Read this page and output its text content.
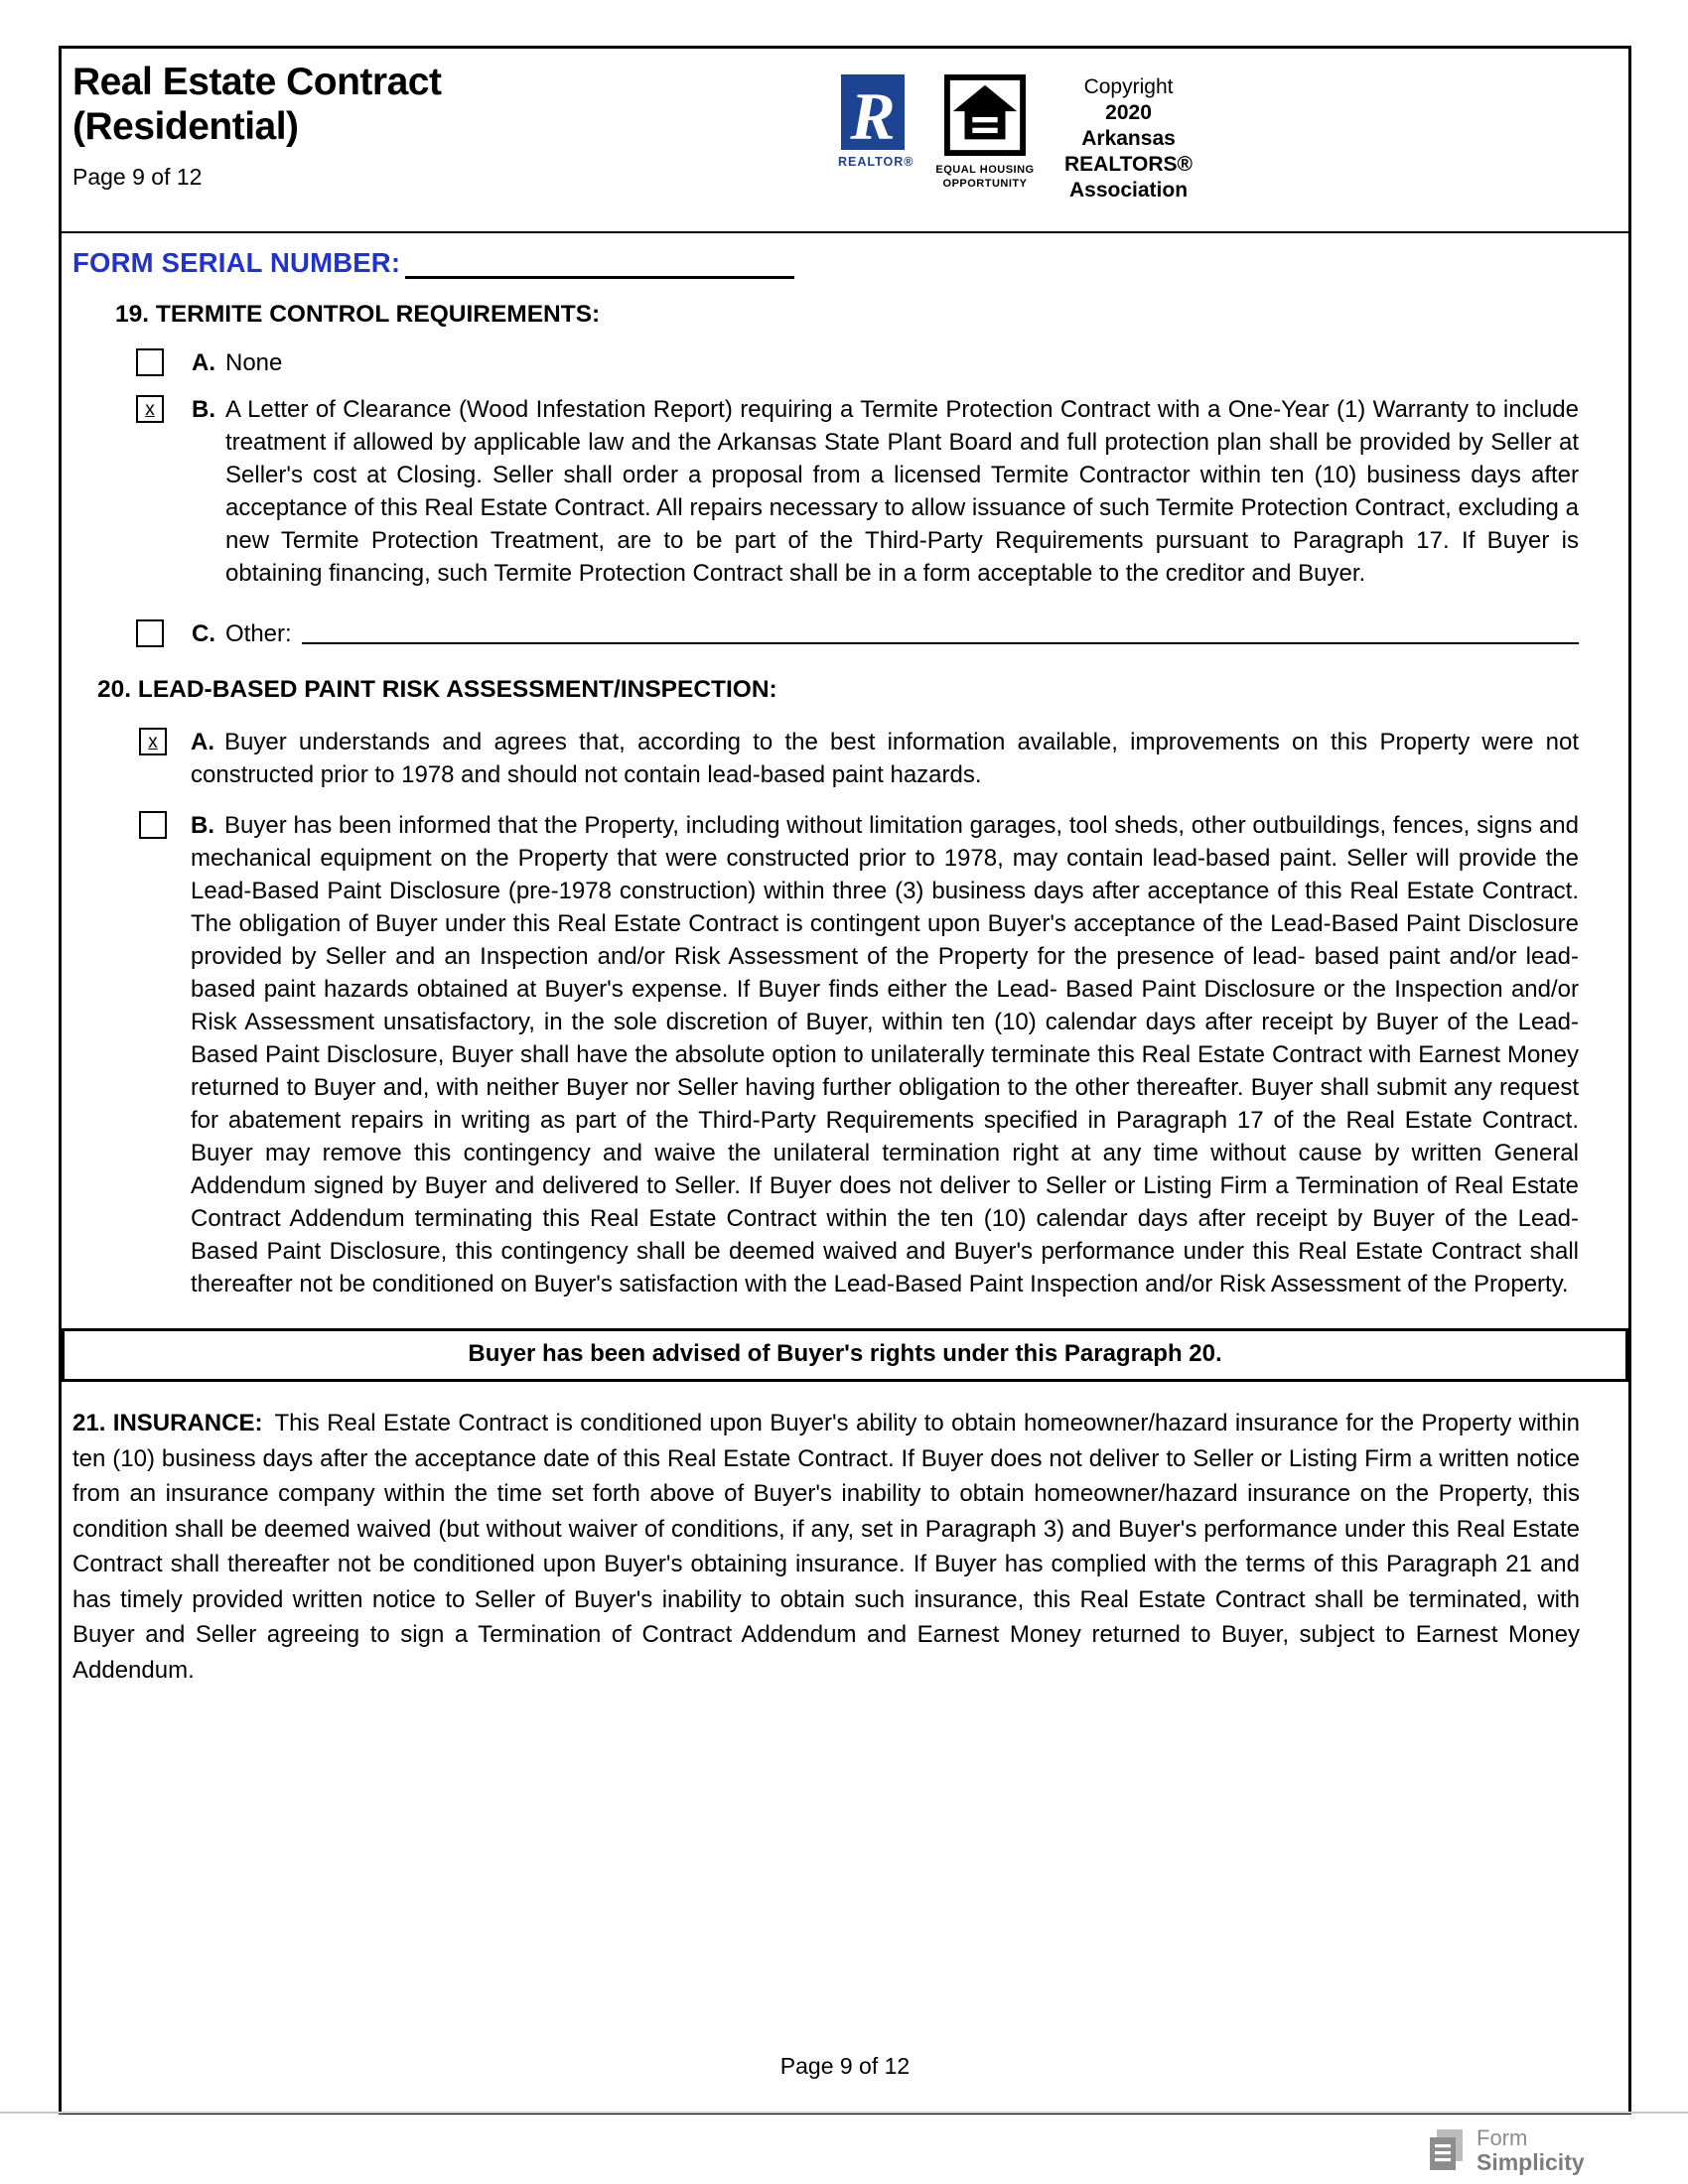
Real Estate Contract
(Residential)
Page 9 of 12
R
REALTOR®
EQUAL HOUSING
OPPORTUNITY
Copyright
2020
Arkansas
REALTORS®
Association
FORM SERIAL NUMBER:
19. TERMITE CONTROL REQUIREMENTS:
A. None

x	B. A Letter of Clearance (Wood Infestation Report) requiring a Termite Protection Contract with a One-Year (1) Warranty to include treatment if allowed by applicable law and the Arkansas State Plant Board and full protection plan shall be provided by Seller at Seller's cost at Closing. Seller shall order a proposal from a licensed Termite Contractor within ten (10) business days after acceptance of this Real Estate Contract. All repairs necessary to allow issuance of such Termite Protection Contract, excluding a new Termite Protection Treatment, are to be part of the Third-Party Requirements pursuant to Paragraph 17. If Buyer is obtaining financing, such Termite Protection Contract shall be in a form acceptable to the creditor and Buyer.

C. Other:

20. LEAD-BASED PAINT RISK ASSESSMENT/INSPECTION:
x	A. Buyer understands and agrees that, according to the best information available, improvements on this Property were not constructed prior to 1978 and should not contain lead-based paint hazards.

B. Buyer has been informed that the Property, including without limitation garages, tool sheds, other outbuildings, fences, signs and mechanical equipment on the Property that were constructed prior to 1978, may contain lead-based paint. Seller will provide the Lead-Based Paint Disclosure (pre-1978 construction) within three (3) business days after acceptance of this Real Estate Contract. The obligation of Buyer under this Real Estate Contract is contingent upon Buyer's acceptance of the Lead-Based Paint Disclosure provided by Seller and an Inspection and/or Risk Assessment of the Property for the presence of lead- based paint and/or lead-based paint hazards obtained at Buyer's expense. If Buyer finds either the Lead- Based Paint Disclosure or the Inspection and/or Risk Assessment unsatisfactory, in the sole discretion of Buyer, within ten (10) calendar days after receipt by Buyer of the Lead-Based Paint Disclosure, Buyer shall have the absolute option to unilaterally terminate this Real Estate Contract with Earnest Money returned to Buyer and, with neither Buyer nor Seller having further obligation to the other thereafter. Buyer shall submit any request for abatement repairs in writing as part of the Third-Party Requirements specified in Paragraph 17 of the Real Estate Contract. Buyer may remove this contingency and waive the unilateral termination right at any time without cause by written General Addendum signed by Buyer and delivered to Seller. If Buyer does not deliver to Seller or Listing Firm a Termination of Real Estate Contract Addendum terminating this Real Estate Contract within the ten (10) calendar days after receipt by Buyer of the Lead-Based Paint Disclosure, this contingency shall be deemed waived and Buyer's performance under this Real Estate Contract shall thereafter not be conditioned on Buyer's satisfaction with the Lead-Based Paint Inspection and/or Risk Assessment of the Property.

Buyer has been advised of Buyer's rights under this Paragraph 20.

21. INSURANCE: This Real Estate Contract is conditioned upon Buyer's ability to obtain homeowner/hazard insurance for the Property within ten (10) business days after the acceptance date of this Real Estate Contract. If Buyer does not deliver to Seller or Listing Firm a written notice from an insurance company within the time set forth above of Buyer's inability to obtain homeowner/hazard insurance on the Property, this condition shall be deemed waived (but without waiver of conditions, if any, set in Paragraph 3) and Buyer's performance under this Real Estate Contract shall thereafter not be conditioned upon Buyer's obtaining insurance. If Buyer has complied with the terms of this Paragraph 21 and has timely provided written notice to Seller of Buyer's inability to obtain such insurance, this Real Estate Contract shall be terminated, with Buyer and Seller agreeing to sign a Termination of Contract Addendum and Earnest Money returned to Buyer, subject to Earnest Money Addendum.

Page 9 of 12
Form
Simplicity
